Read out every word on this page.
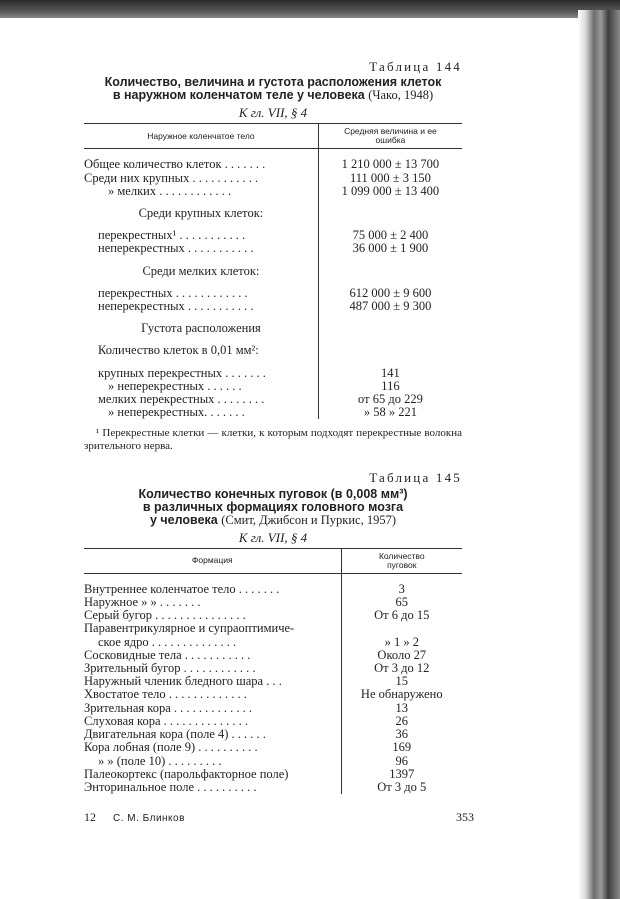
Таблица 144
Количество, величина и густота расположения клеток
в наружном коленчатом теле у человека (Чако, 1948)
К гл. VII, § 4
Наружное коленчатое тело	Средняя величина и ее
ошибка

Общее количество клеток . . . . . . .	1 210 000 ± 13 700
Среди них крупных . . . . . . . . . . .	111 000 ± 3 150
» мелких . . . . . . . . . . . .	1 099 000 ± 13 400

Среди крупных клеток:	

перекрестных¹ . . . . . . . . . . .	75 000 ± 2 400
неперекрестных . . . . . . . . . . .	36 000 ± 1 900

Среди мелких клеток:	

перекрестных . . . . . . . . . . . .	612 000 ± 9 600
неперекрестных . . . . . . . . . . .	487 000 ± 9 300

Густота расположения	

Количество клеток в 0,01 мм²:	

крупных перекрестных . . . . . . .	141
» неперекрестных . . . . . .	116
мелких перекрестных . . . . . . . .	от 65 до 229
» неперекрестных. . . . . . .	» 58 » 221
¹ Перекрестные клетки — клетки, к которым подходят перекрестные волокна зрительного нерва.
Таблица 145
Количество конечных пуговок (в 0,008 мм³)
в различных формациях головного мозга
у человека (Смит, Джибсон и Пуркис, 1957)
К гл. VII, § 4
Формация	Количество
пуговок

Внутреннее коленчатое тело . . . . . . .	3
Наружное » » . . . . . . .	65
Серый бугор . . . . . . . . . . . . . . .	От 6 до 15
Паравентрикулярное и супраоптимиче-	
ское ядро . . . . . . . . . . . . . .	» 1 » 2
Сосковидные тела . . . . . . . . . . .	Около 27
Зрительный бугор . . . . . . . . . . . .	От 3 до 12
Наружный членик бледного шара . . .	15
Хвостатое тело . . . . . . . . . . . . .	Не обнаружено
Зрительная кора . . . . . . . . . . . . .	13
Слуховая кора . . . . . . . . . . . . . .	26
Двигательная кора (поле 4) . . . . . .	36
Кора лобная (поле 9) . . . . . . . . . .	169
» » (поле 10) . . . . . . . . .	96
Палеокортекс (парольфакторное поле)	1397
Энторинальное поле . . . . . . . . . .	От 3 до 5
12 С. М. Блинков	353
